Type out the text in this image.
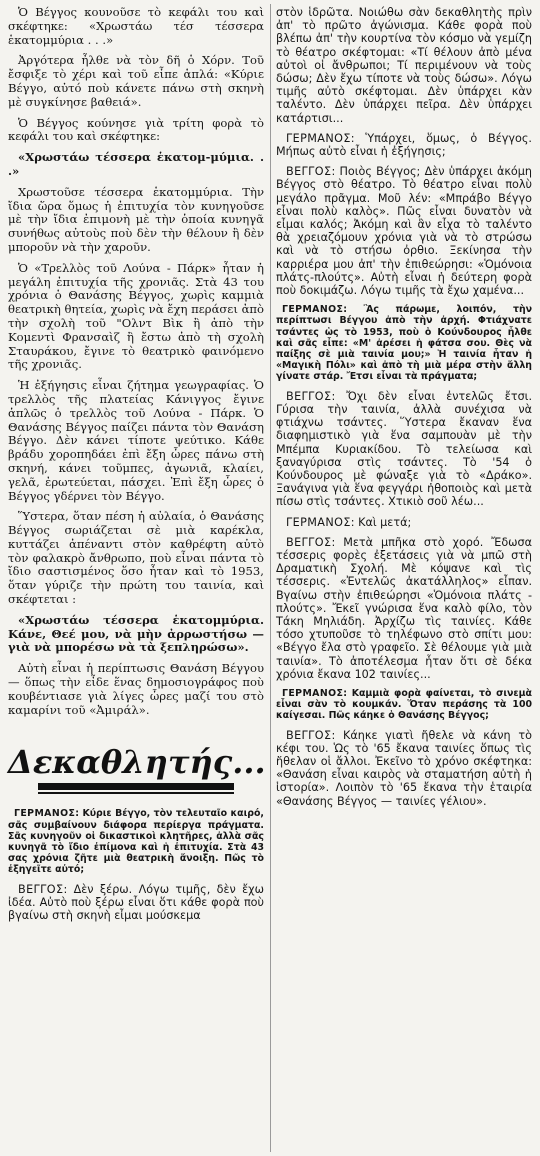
Ὁ Βέγγος κουνοῦσε τὸ κεφάλι του καὶ σκέφτηκε: «Χρωστάω τέσ τέσσερα ἑκατομμύρια . . .»

Ἀργότερα ἦλθε νὰ τὸν δῆ ὁ Χόρν. Τοῦ ἔσφιξε τὸ χέρι καὶ τοῦ εἶπε ἁπλά: «Κύριε Βέγγο, αὐτό ποὺ κάνετε πάνω στὴ σκηνὴ μὲ συγκίνησε βαθειά».

Ὁ Βέγγος κούνησε γιὰ τρίτη φορὰ τὸ κεφάλι του καὶ σκέφτηκε:

«Χρωστάω τέσσερα ἑκατομ-μύμια. . .»

Χρωστοῦσε τέσσερα ἑκατομμύρια. Τὴν ἴδια ὥρα ὅμως ἡ ἐπιτυχία τὸν κυνηγοῦσε μὲ τὴν ἴδια ἐπιμονὴ μὲ τὴν ὁποία κυνηγᾶ συνήθως αὐτοὺς ποὺ δὲν τὴν θέλουν ἢ δὲν μποροῦν νὰ τὴν χαροῦν.

Ὁ «Τρελλὸς τοῦ Λούνα - Πάρκ» ἦταν ἡ μεγάλη ἐπιτυχία τῆς χρονιᾶς. Στὰ 43 του χρόνια ὁ Θανάσης Βέγγος, χωρὶς καμμιὰ θεατρικὴ θητεία, χωρὶς νὰ ἔχη περάσει ἀπὸ τὴν σχολὴ τοῦ "Ολντ Βὶκ ἢ ἀπὸ τὴν Κομεντὶ Φρανσαὶζ ἢ ἔστω ἀπὸ τὴ σχολὴ Σταυράκου, ἔγινε τὸ θεατρικὸ φαινόμενο τῆς χρονιᾶς.

Ἡ ἐξήγησις εἶναι ζήτημα γεωγραφίας. Ὁ τρελλὸς τῆς πλατείας Κάνιγγος ἔγινε ἁπλῶς ὁ τρελλὸς τοῦ Λούνα - Πάρκ. Ὁ Θανάσης Βέγγος παίζει πάντα τὸν Θανάση Βέγγο. Δὲν κάνει τίποτε ψεύτικο. Κάθε βράδυ χοροπηδάει ἐπὶ ἔξη ὧρες πάνω στὴ σκηνή, κάνει τοῦμπες, ἀγωνιᾶ, κλαίει, γελᾶ, ἐρωτεύεται, πάσχει. Ἐπὶ ἔξη ὧρες ὁ Βέγγος γδέρνει τὸν Βέγγο.

Ὕστερα, ὅταν πέση ἡ αὐλαία, ὁ Θανάσης Βέγγος σωριάζεται σὲ μιὰ καρέκλα, κυττάζει ἀπέναντι στὸν καθρέφτη αὐτὸ τὸν φαλακρὸ ἄνθρωπο, ποὺ εἶναι πάντα τὸ ἴδιο σαστισμένος ὅσο ἦταν καὶ τὸ 1953, ὅταν γύριζε τὴν πρώτη του ταινία, καὶ σκέφτεται :

«Χρωστάω τέσσερα ἑκατομμύρια. Κάνε, Θεέ μου, νὰ μὴν ἀρρωστήσω — γιὰ νὰ μπορέσω νὰ τὰ ξεπληρώσω».

Αὐτὴ εἶναι ἡ περίπτωσις Θανάση Βέγγου — ὅπως τὴν εἶδε ἕνας δημοσιογράφος ποὺ κουβέντιασε γιὰ λίγες ὧρες μαζί του στὸ καμαρίνι τοῦ «Ἀμιράλ».

Δεκαθλητής...

ΓΕΡΜΑΝΟΣ: Κύριε Βέγγο, τὸν τελευταῖο καιρό, σᾶς συμβαίνουν διάφορα περίεργα πράγματα. Σᾶς κυνηγοῦν οἱ δικαστικοὶ κλητῆρες, ἀλλὰ σᾶς κυνηγᾶ τὸ ἴδιο ἐπίμονα καὶ ἡ ἐπιτυχία. Στὰ 43 σας χρόνια ζῆτε μιὰ θεατρικὴ ἄνοιξη. Πῶς τὸ ἐξηγεῖτε αὐτό;

ΒΕΓΓΟΣ: Δὲν ξέρω. Λόγω τιμῆς, δὲν ἔχω ἰδέα. Αὐτὸ ποὺ ξέρω εἶναι ὅτι κάθε φορὰ ποὺ βγαίνω στὴ σκηνὴ εἶμαι μούσκεμα

στὸν ἱδρῶτα. Νοιώθω σὰν δεκαθλητὴς πρὶν ἀπ' τὸ πρῶτο ἀγώνισμα. Κάθε φορὰ ποὺ βλέπω ἀπ' τὴν κουρτίνα τὸν κόσμο νὰ γεμίζη τὸ θέατρο σκέφτομαι: «Τί θέλουν ἀπὸ μένα αὐτοὶ οἱ ἄνθρωποι; Τί περιμένουν νὰ τοὺς δώσω; Δὲν ἔχω τίποτε νὰ τοὺς δώσω». Λόγω τιμῆς αὐτὸ σκέφτομαι. Δὲν ὑπάρχει κὰν ταλέντο. Δὲν ὑπάρχει πεῖρα. Δὲν ὑπάρχει κατάρτισι...

ΓΕΡΜΑΝΟΣ: Ὑπάρχει, ὅμως, ὁ Βέγγος. Μήπως αὐτὸ εἶναι ἡ ἐξήγησις;

ΒΕΓΓΟΣ: Ποιὸς Βέγγος; Δὲν ὑπάρχει ἀκόμη Βέγγος στὸ θέατρο. Τὸ θέατρο εἶναι πολὺ μεγάλο πρᾶγμα. Μοῦ λέν: «Μπράβο Βέγγο εἶναι πολὺ καλὸς». Πῶς εἶναι δυνατὸν νὰ εἶμαι καλός; Ἀκόμη καὶ ἂν εἶχα τὸ ταλέντο θὰ χρειαζόμουν χρόνια γιὰ νὰ τὸ στρώσω καὶ νὰ τὸ στήσω ὀρθιο. Ξεκίνησα τὴν καρριέρα μου ἀπ' τὴν ἐπιθεώρησι: «Ὁμόνοια πλάτς-πλούτς». Αὐτὴ εἶναι ἡ δεύτερη φορὰ ποὺ δοκιμάζω. Λόγω τιμῆς τὰ ἔχω χαμένα...

ΓΕΡΜΑΝΟΣ: Ἂς πάρωμε, λοιπόν, τὴν περίπτωσι Βέγγου ἀπὸ τὴν ἀρχή. Φτιάχνατε τσάντες ὡς τὸ 1953, ποὺ ὁ Κούνδουρος ἦλθε καὶ σᾶς εἶπε: «Μ' ἀρέσει ἡ φάτσα σου. Θὲς νὰ παίξης σὲ μιὰ ταινία μου;» Ἡ ταινία ἦταν ἡ «Μαγικὴ Πόλι» καὶ ἀπὸ τὴ μιὰ μέρα στὴν ἄλλη γίνατε στάρ. Ἔτσι εἶναι τὰ πράγματα;

ΒΕΓΓΟΣ: Ὄχι δὲν εἶναι ἐντελῶς ἔτσι. Γύρισα τὴν ταινία, ἀλλὰ συνέχισα νὰ φτιάχνω τσάντες. Ὕστερα ἔκαναν ἕνα διαφημιστικὸ γιὰ ἕνα σαμπουὰν μὲ τὴν Μπέμπα Κυριακίδου. Τὸ τελείωσα καὶ ξαναγύρισα στὶς τσάντες. Τὸ '54 ὁ Κούνδουρος μὲ φώναξε γιὰ τὸ «Δράκο». Ξανάγινα γιὰ ἕνα φεγγάρι ἠθοποιὸς καὶ μετὰ πίσω στὶς τσάντες. Χτικιὸ σοῦ λέω...

ΓΕΡΜΑΝΟΣ: Καὶ μετά;

ΒΕΓΓΟΣ: Μετὰ μπῆκα στὸ χορό. Ἔδωσα τέσσερις φορὲς ἐξετάσεις γιὰ νὰ μπῶ στὴ Δραματικὴ Σχολή. Μὲ κόψανε καὶ τὶς τέσσερις. «Ἐντελῶς ἀκατάλληλος» εἶπαν. Βγαίνω στὴν ἐπιθεώρησι «Ὁμόνοια πλάτς - πλούτς». Ἔκεῖ γνώρισα ἕνα καλὸ φίλο, τὸν Τάκη Μηλιάδη. Ἀρχίζω τὶς ταινίες. Κάθε τόσο χτυποῦσε τὸ τηλέφωνο στὸ σπίτι μου: «Βέγγο ἔλα στὸ γραφεῖο. Σὲ θέλουμε γιὰ μιὰ ταινία». Τὸ ἀποτέλεσμα ἦταν ὅτι σὲ δέκα χρόνια ἔκανα 102 ταινίες...

ΓΕΡΜΑΝΟΣ: Καμμιὰ φορὰ φαίνεται, τὸ σινεμὰ εἶναι σὰν τὸ κουμκάν. Ὅταν περάσης τὰ 100 καίγεσαι. Πῶς κάηκε ὁ Θανάσης Βέγγος;

ΒΕΓΓΟΣ: Κάηκε γιατὶ ἤθελε νὰ κάνη τὸ κέφι του. Ὡς τὸ '65 ἔκανα ταινίες ὅπως τὶς ἤθελαν οἱ ἄλλοι. Ἐκεῖνο τὸ χρόνο σκέφτηκα: «Θανάση εἶναι καιρὸς νὰ σταματήση αὐτὴ ἡ ἱστορία». Λοιπὸν τὸ '65 ἔκανα τὴν ἑταιρία «Θανάσης Βέγγος — ταινίες γέλιου».
